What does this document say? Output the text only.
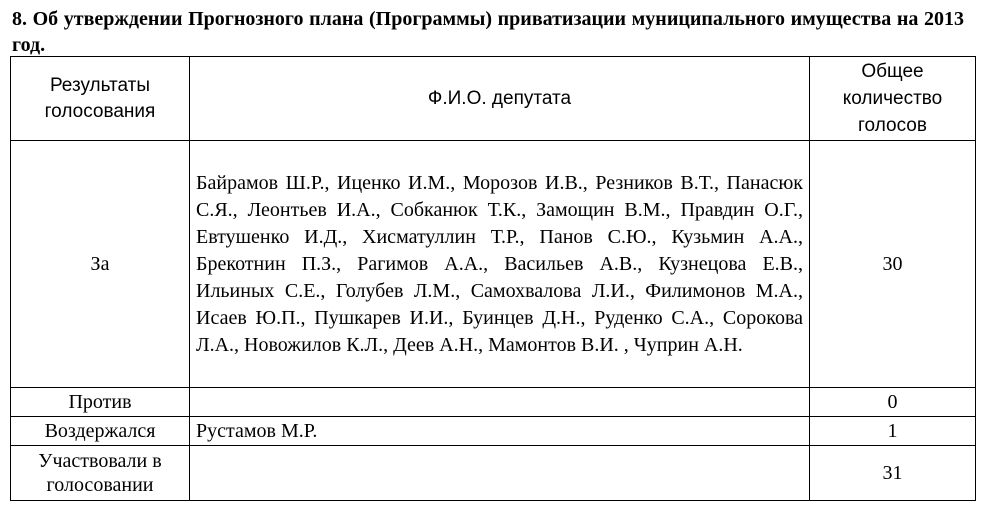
8. Об утверждении Прогнозного плана (Программы) приватизации муниципального имущества на 2013 год.
Результаты голосования	Ф.И.О. депутата	Общее количество голосов
За	Байрамов Ш.Р., Иценко И.М., Морозов И.В., Резников В.Т., Панасюк С.Я., Леонтьев И.А., Собканюк Т.К., Замощин В.М., Правдин О.Г., Евтушенко И.Д., Хисматуллин Т.Р., Панов С.Ю., Кузьмин А.А., Брекотнин П.З., Рагимов А.А., Васильев А.В., Кузнецова Е.В., Ильиных С.Е., Голубев Л.М., Самохвалова Л.И., Филимонов М.А., Исаев Ю.П., Пушкарев И.И., Буинцев Д.Н., Руденко С.А., Сорокова Л.А., Новожилов К.Л., Деев А.Н., Мамонтов В.И. , Чуприн А.Н.	30
Против		0
Воздержался	Рустамов М.Р.	1
Участвовали в голосовании		31
